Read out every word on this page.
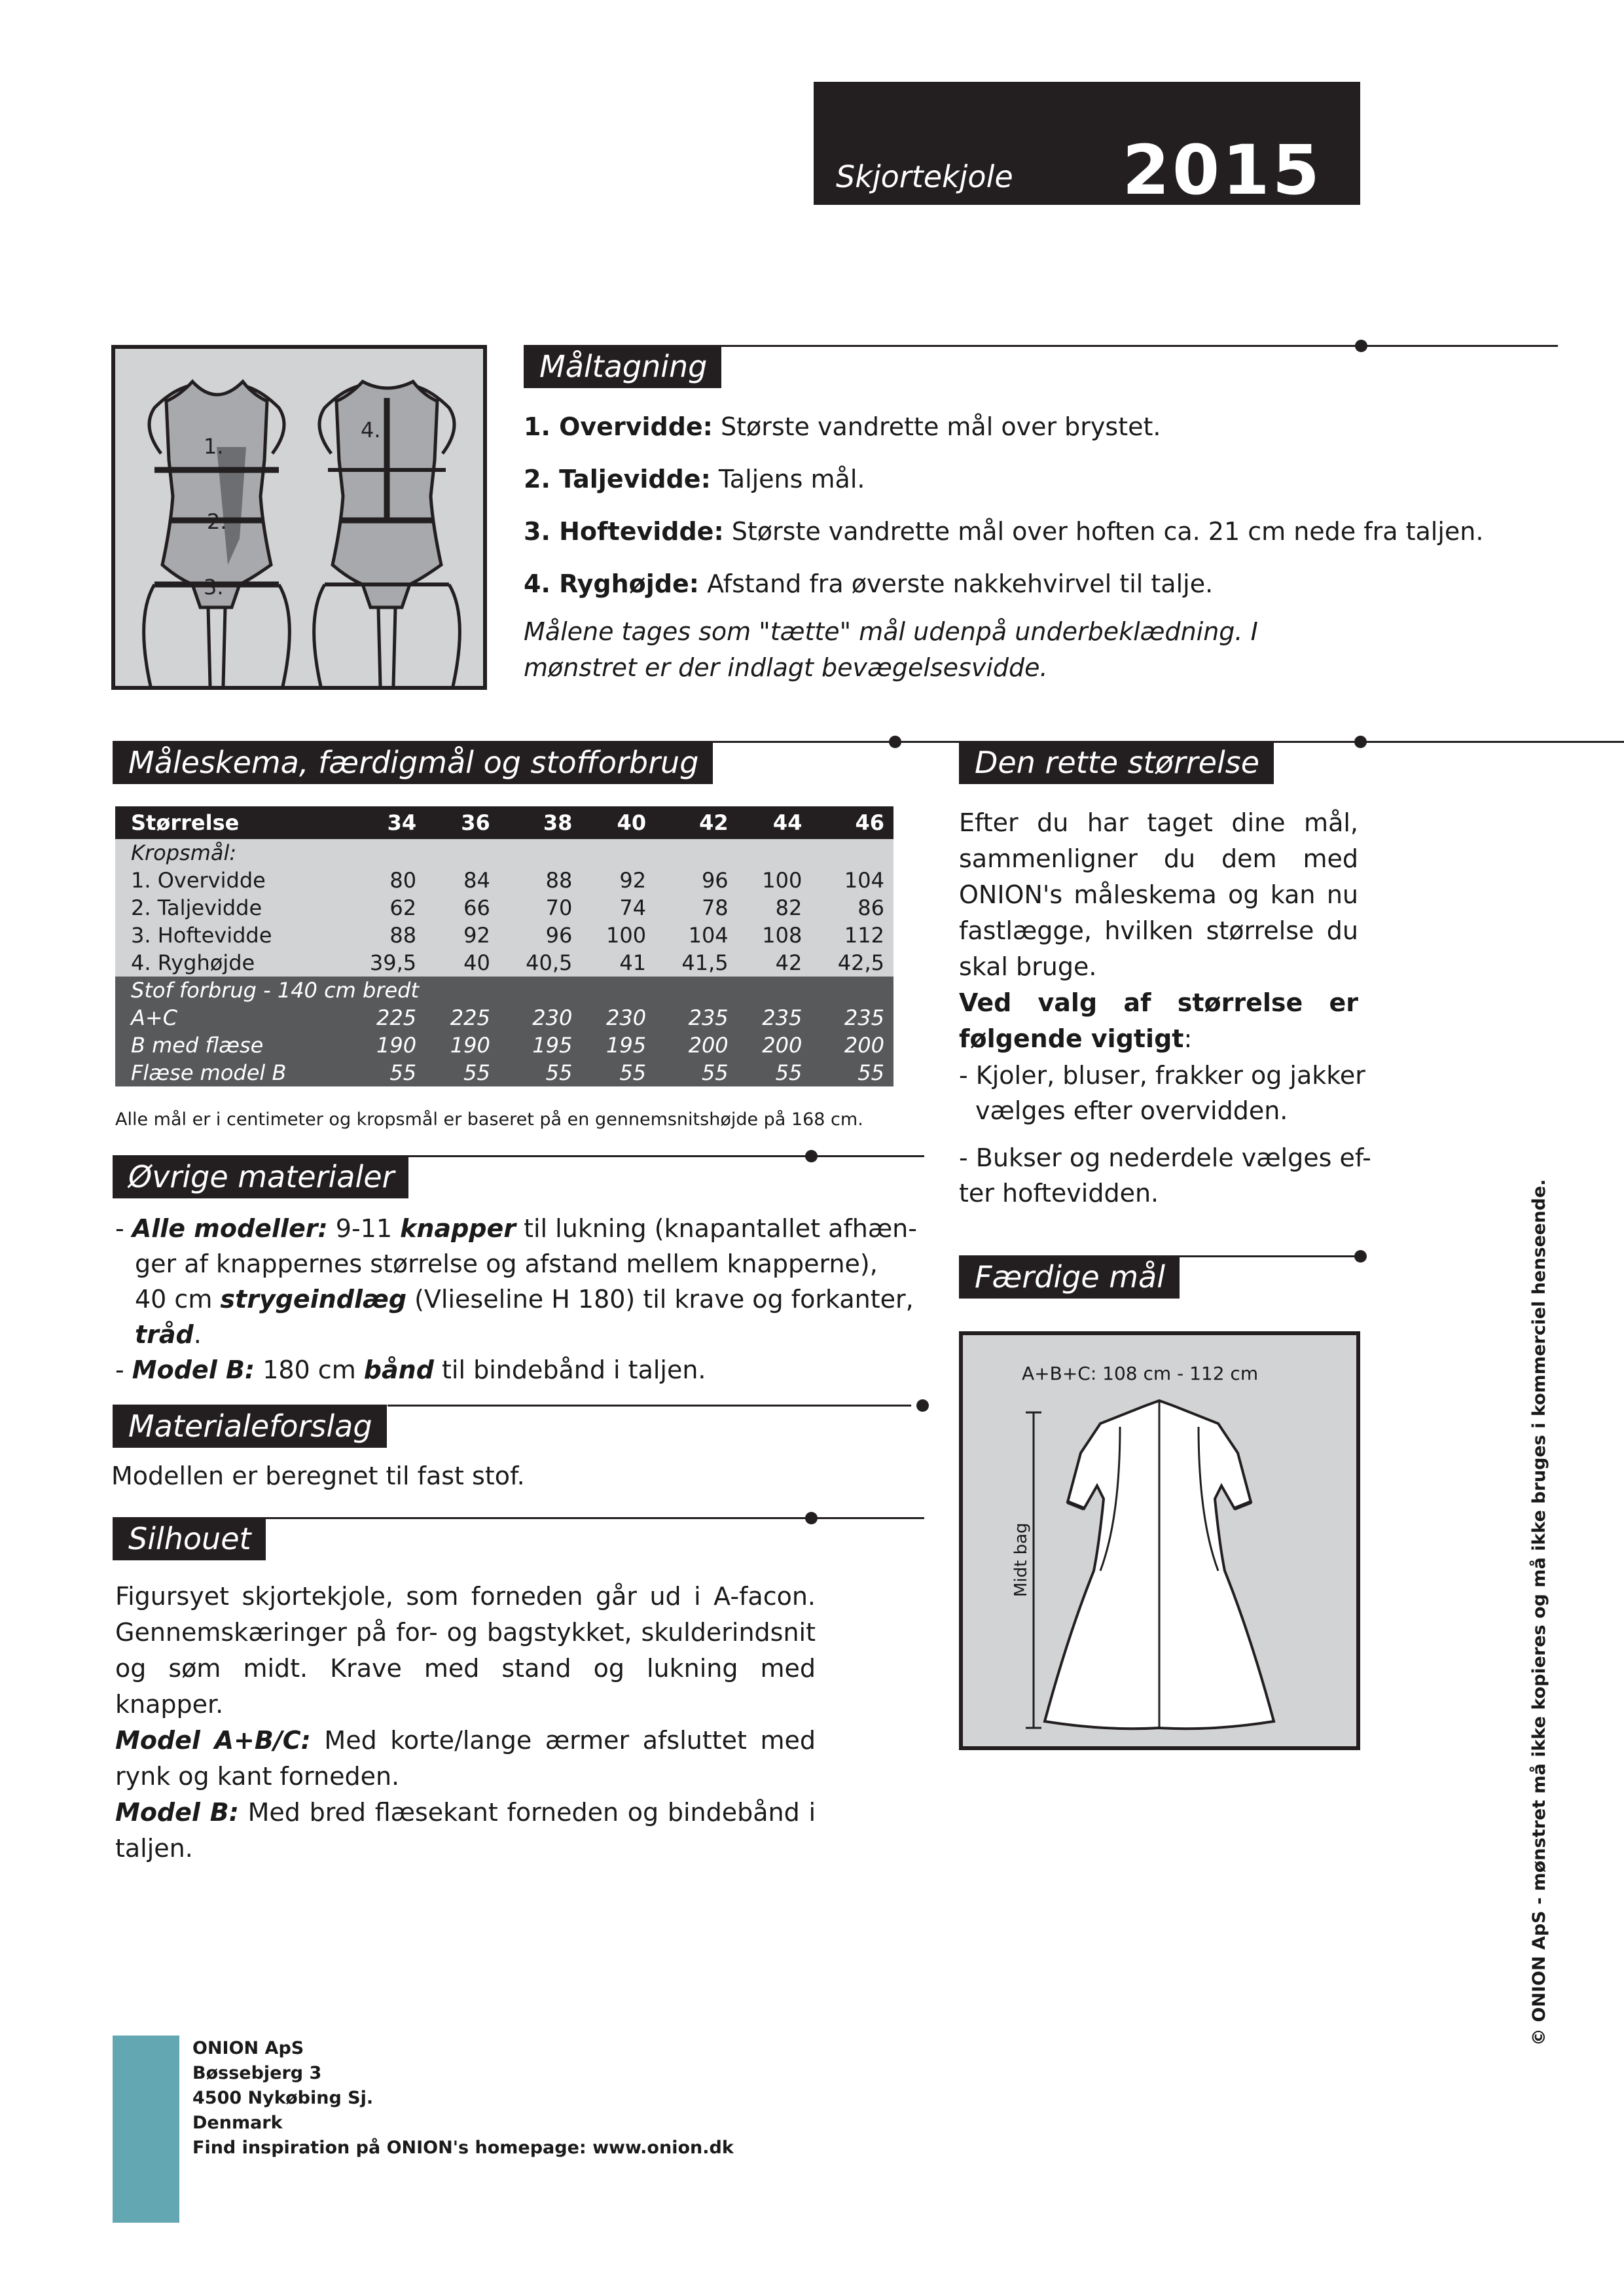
Skjortekjole 2015
1.
2.
3.
4.
Måltagning
1. Overvidde: Største vandrette mål over brystet.
2. Taljevidde: Taljens mål.
3. Hoftevidde: Største vandrette mål over hoften ca. 21 cm nede fra taljen.
4. Ryghøjde: Afstand fra øverste nakkehvirvel til talje.
Målene tages som "tætte" mål udenpå underbeklædning. I mønstret er der indlagt bevægelsesvidde.
Måleskema, færdigmål og stofforbrug
Størrelse	34	36	38	40	42	44	46
Kropsmål:							
1. Overvidde	80	84	88	92	96	100	104
2. Taljevidde	62	66	70	74	78	82	86
3. Hoftevidde	88	92	96	100	104	108	112
4. Ryghøjde	39,5	40	40,5	41	41,5	42	42,5
Stof forbrug - 140 cm bredt							
A+C	225	225	230	230	235	235	235
B med flæse	190	190	195	195	200	200	200
Flæse model B	55	55	55	55	55	55	55
Alle mål er i centimeter og kropsmål er baseret på en gennemsnitshøjde på 168 cm.
Øvrige materialer
- Alle modeller: 9-11 knapper til lukning (knapantallet afhæn-
ger af knappernes størrelse og afstand mellem knapperne),
40 cm strygeindlæg (Vlieseline H 180) til krave og forkanter,
tråd.
- Model B: 180 cm bånd til bindebånd i taljen.
Materialeforslag
Modellen er beregnet til fast stof.
Silhouet
Figursyet skjortekjole, som forneden går ud i A-facon. Gennemskæringer på for- og bagstykket, skulderindsnit og søm midt. Krave med stand og lukning med knapper.
Model A+B/C: Med korte/lange ærmer afsluttet med rynk og kant forneden.
Model B: Med bred flæsekant forneden og bindebånd i taljen.
Den rette størrelse
Efter du har taget dine mål, sammenligner du dem med ONION's måleskema og kan nu fastlægge, hvilken størrelse du skal bruge.
Ved valg af størrelse er følgende vigtigt:
- Kjoler, bluser, frakker og jakker
vælges efter overvidden.
- Bukser og nederdele vælges ef-
ter hoftevidden.
Færdige mål
A+B+C: 108 cm - 112 cm
Midt bag	© ONION ApS - mønstret må ikke kopieres og må ikke bruges i kommerciel henseende.
ONION ApS
Bøssebjerg 3
4500 Nykøbing Sj.
Denmark
Find inspiration på ONION's homepage: www.onion.dk
